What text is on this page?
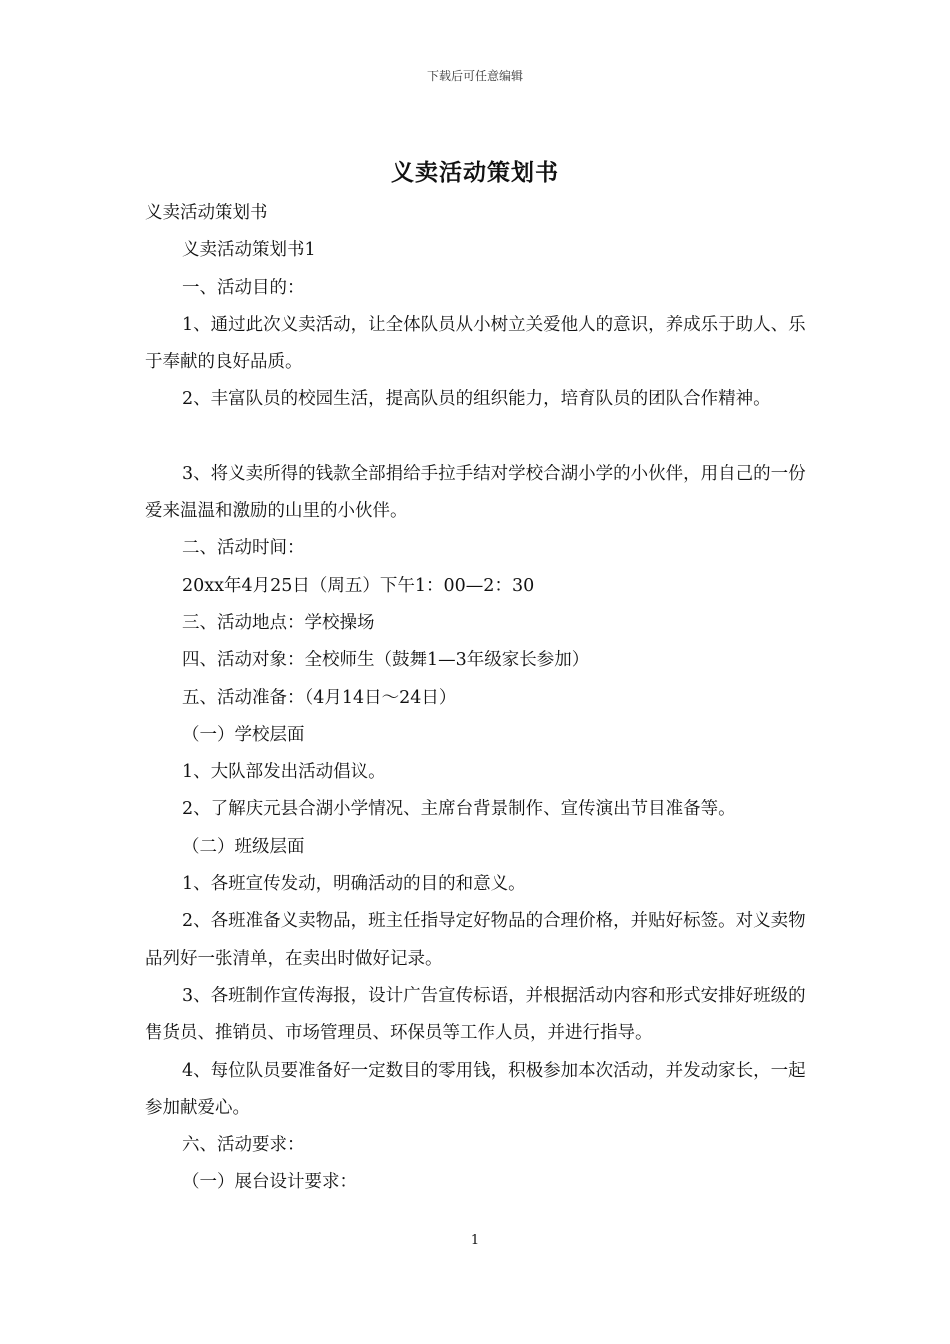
下载后可任意编辑
义卖活动策划书

义卖活动策划书

义卖活动策划书1

一、活动目的：

1、通过此次义卖活动，让全体队员从小树立关爱他人的意识，养成乐于助人、乐于奉献的良好品质。

2、丰富队员的校园生活，提高队员的组织能力，培育队员的团队合作精神。

3、将义卖所得的钱款全部捐给手拉手结对学校合湖小学的小伙伴，用自己的一份爱来温温和激励的山里的小伙伴。

二、活动时间：

20xx年4月25日（周五）下午1：00—2：30

三、活动地点：学校操场

四、活动对象：全校师生（鼓舞1—3年级家长参加）

五、活动准备：（4月14日～24日）

（一）学校层面

1、大队部发出活动倡议。

2、了解庆元县合湖小学情况、主席台背景制作、宣传演出节目准备等。

（二）班级层面

1、各班宣传发动，明确活动的目的和意义。

2、各班准备义卖物品，班主任指导定好物品的合理价格，并贴好标签。对义卖物品列好一张清单，在卖出时做好记录。

3、各班制作宣传海报，设计广告宣传标语，并根据活动内容和形式安排好班级的售货员、推销员、市场管理员、环保员等工作人员，并进行指导。

4、每位队员要准备好一定数目的零用钱，积极参加本次活动，并发动家长，一起参加献爱心。

六、活动要求：

（一）展台设计要求：

1
